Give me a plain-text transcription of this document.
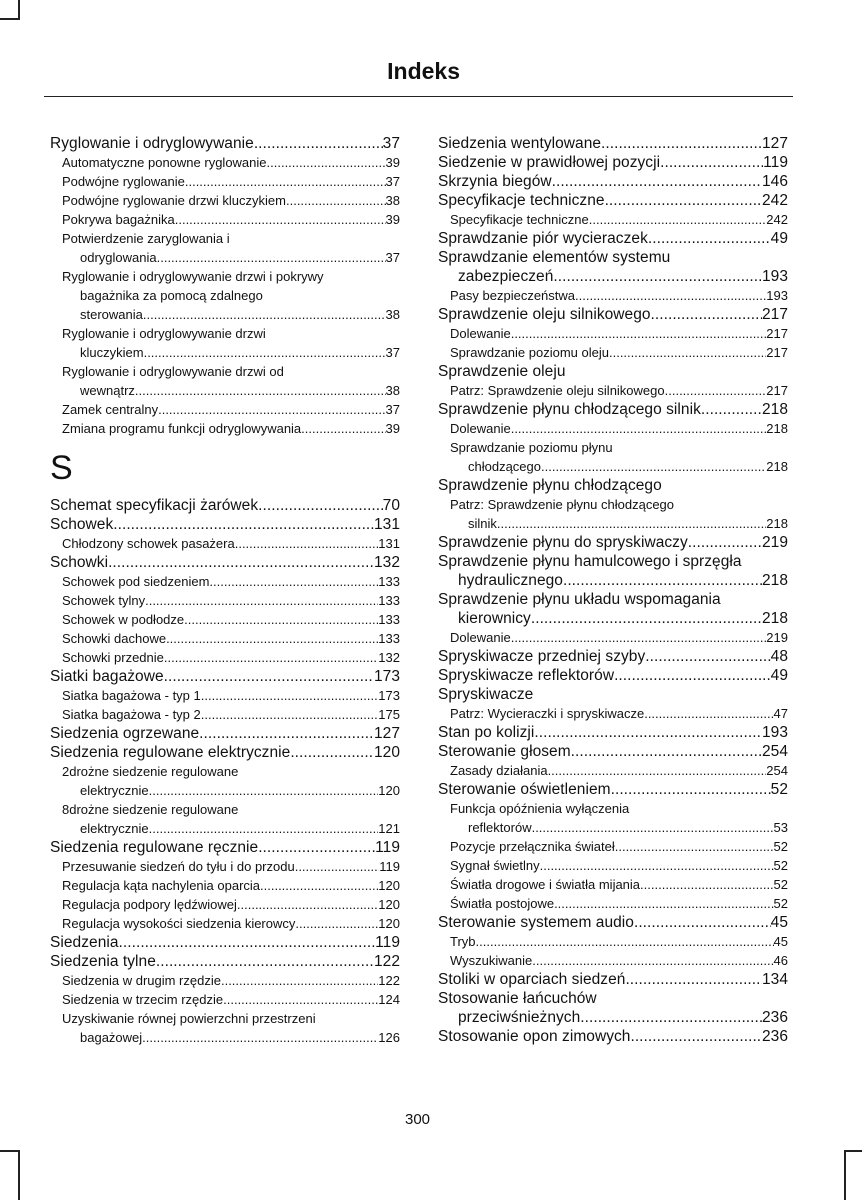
Indeks
Ryglowanie i odryglowywanie .....	37
Automatyczne ponowne ryglowanie .....	39
Podwójne ryglowanie .....	37
Podwójne ryglowanie drzwi kluczykiem .....	38
Pokrywa bagażnika .....	39
Potwierdzenie zaryglowania i
odryglowania .....	37
Ryglowanie i odryglowywanie drzwi i pokrywy
bagażnika za pomocą zdalnego
sterowania .....	38
Ryglowanie i odryglowywanie drzwi
kluczykiem .....	37
Ryglowanie i odryglowywanie drzwi od
wewnątrz .....	38
Zamek centralny .....	37
Zmiana programu funkcji odryglowywania .....	39
S
Schemat specyfikacji żarówek .....	70
Schowek .....	131
Chłodzony schowek pasażera .....	131
Schowki .....	132
Schowek pod siedzeniem .....	133
Schowek tylny .....	133
Schowek w podłodze .....	133
Schowki dachowe .....	133
Schowki przednie .....	132
Siatki bagażowe .....	173
Siatka bagażowa - typ 1 .....	173
Siatka bagażowa - typ 2 .....	175
Siedzenia ogrzewane .....	127
Siedzenia regulowane elektrycznie .....	120
2drożne siedzenie regulowane
elektrycznie .....	120
8drożne siedzenie regulowane
elektrycznie .....	121
Siedzenia regulowane ręcznie .....	119
Przesuwanie siedzeń do tyłu i do przodu .....	119
Regulacja kąta nachylenia oparcia .....	120
Regulacja podpory lędźwiowej .....	120
Regulacja wysokości siedzenia kierowcy .....	120
Siedzenia .....	119
Siedzenia tylne .....	122
Siedzenia w drugim rzędzie .....	122
Siedzenia w trzecim rzędzie .....	124
Uzyskiwanie równej powierzchni przestrzeni
bagażowej .....	126
Siedzenia wentylowane .....	127
Siedzenie w prawidłowej pozycji .....	119
Skrzynia biegów .....	146
Specyfikacje techniczne .....	242
Specyfikacje techniczne .....	242
Sprawdzanie piór wycieraczek .....	49
Sprawdzanie elementów systemu
zabezpieczeń .....	193
Pasy bezpieczeństwa .....	193
Sprawdzenie oleju silnikowego .....	217
Dolewanie .....	217
Sprawdzanie poziomu oleju .....	217
Sprawdzenie oleju
Patrz: Sprawdzenie oleju silnikowego .....	217
Sprawdzenie płynu chłodzącego silnik .....	218
Dolewanie .....	218
Sprawdzanie poziomu płynu
chłodzącego .....	218
Sprawdzenie płynu chłodzącego
Patrz: Sprawdzenie płynu chłodzącego
silnik .....	218
Sprawdzenie płynu do spryskiwaczy .....	219
Sprawdzenie płynu hamulcowego i sprzęgła
hydraulicznego .....	218
Sprawdzenie płynu układu wspomagania
kierownicy .....	218
Dolewanie .....	219
Spryskiwacze przedniej szyby .....	48
Spryskiwacze reflektorów .....	49
Spryskiwacze
Patrz: Wycieraczki i spryskiwacze .....	47
Stan po kolizji .....	193
Sterowanie głosem .....	254
Zasady działania .....	254
Sterowanie oświetleniem .....	52
Funkcja opóźnienia wyłączenia
reflektorów .....	53
Pozycje przełącznika świateł .....	52
Sygnał świetlny .....	52
Światła drogowe i światła mijania .....	52
Światła postojowe .....	52
Sterowanie systemem audio .....	45
Tryb .....	45
Wyszukiwanie .....	46
Stoliki w oparciach siedzeń .....	134
Stosowanie łańcuchów
przeciwśnieżnych .....	236
Stosowanie opon zimowych .....	236
300
